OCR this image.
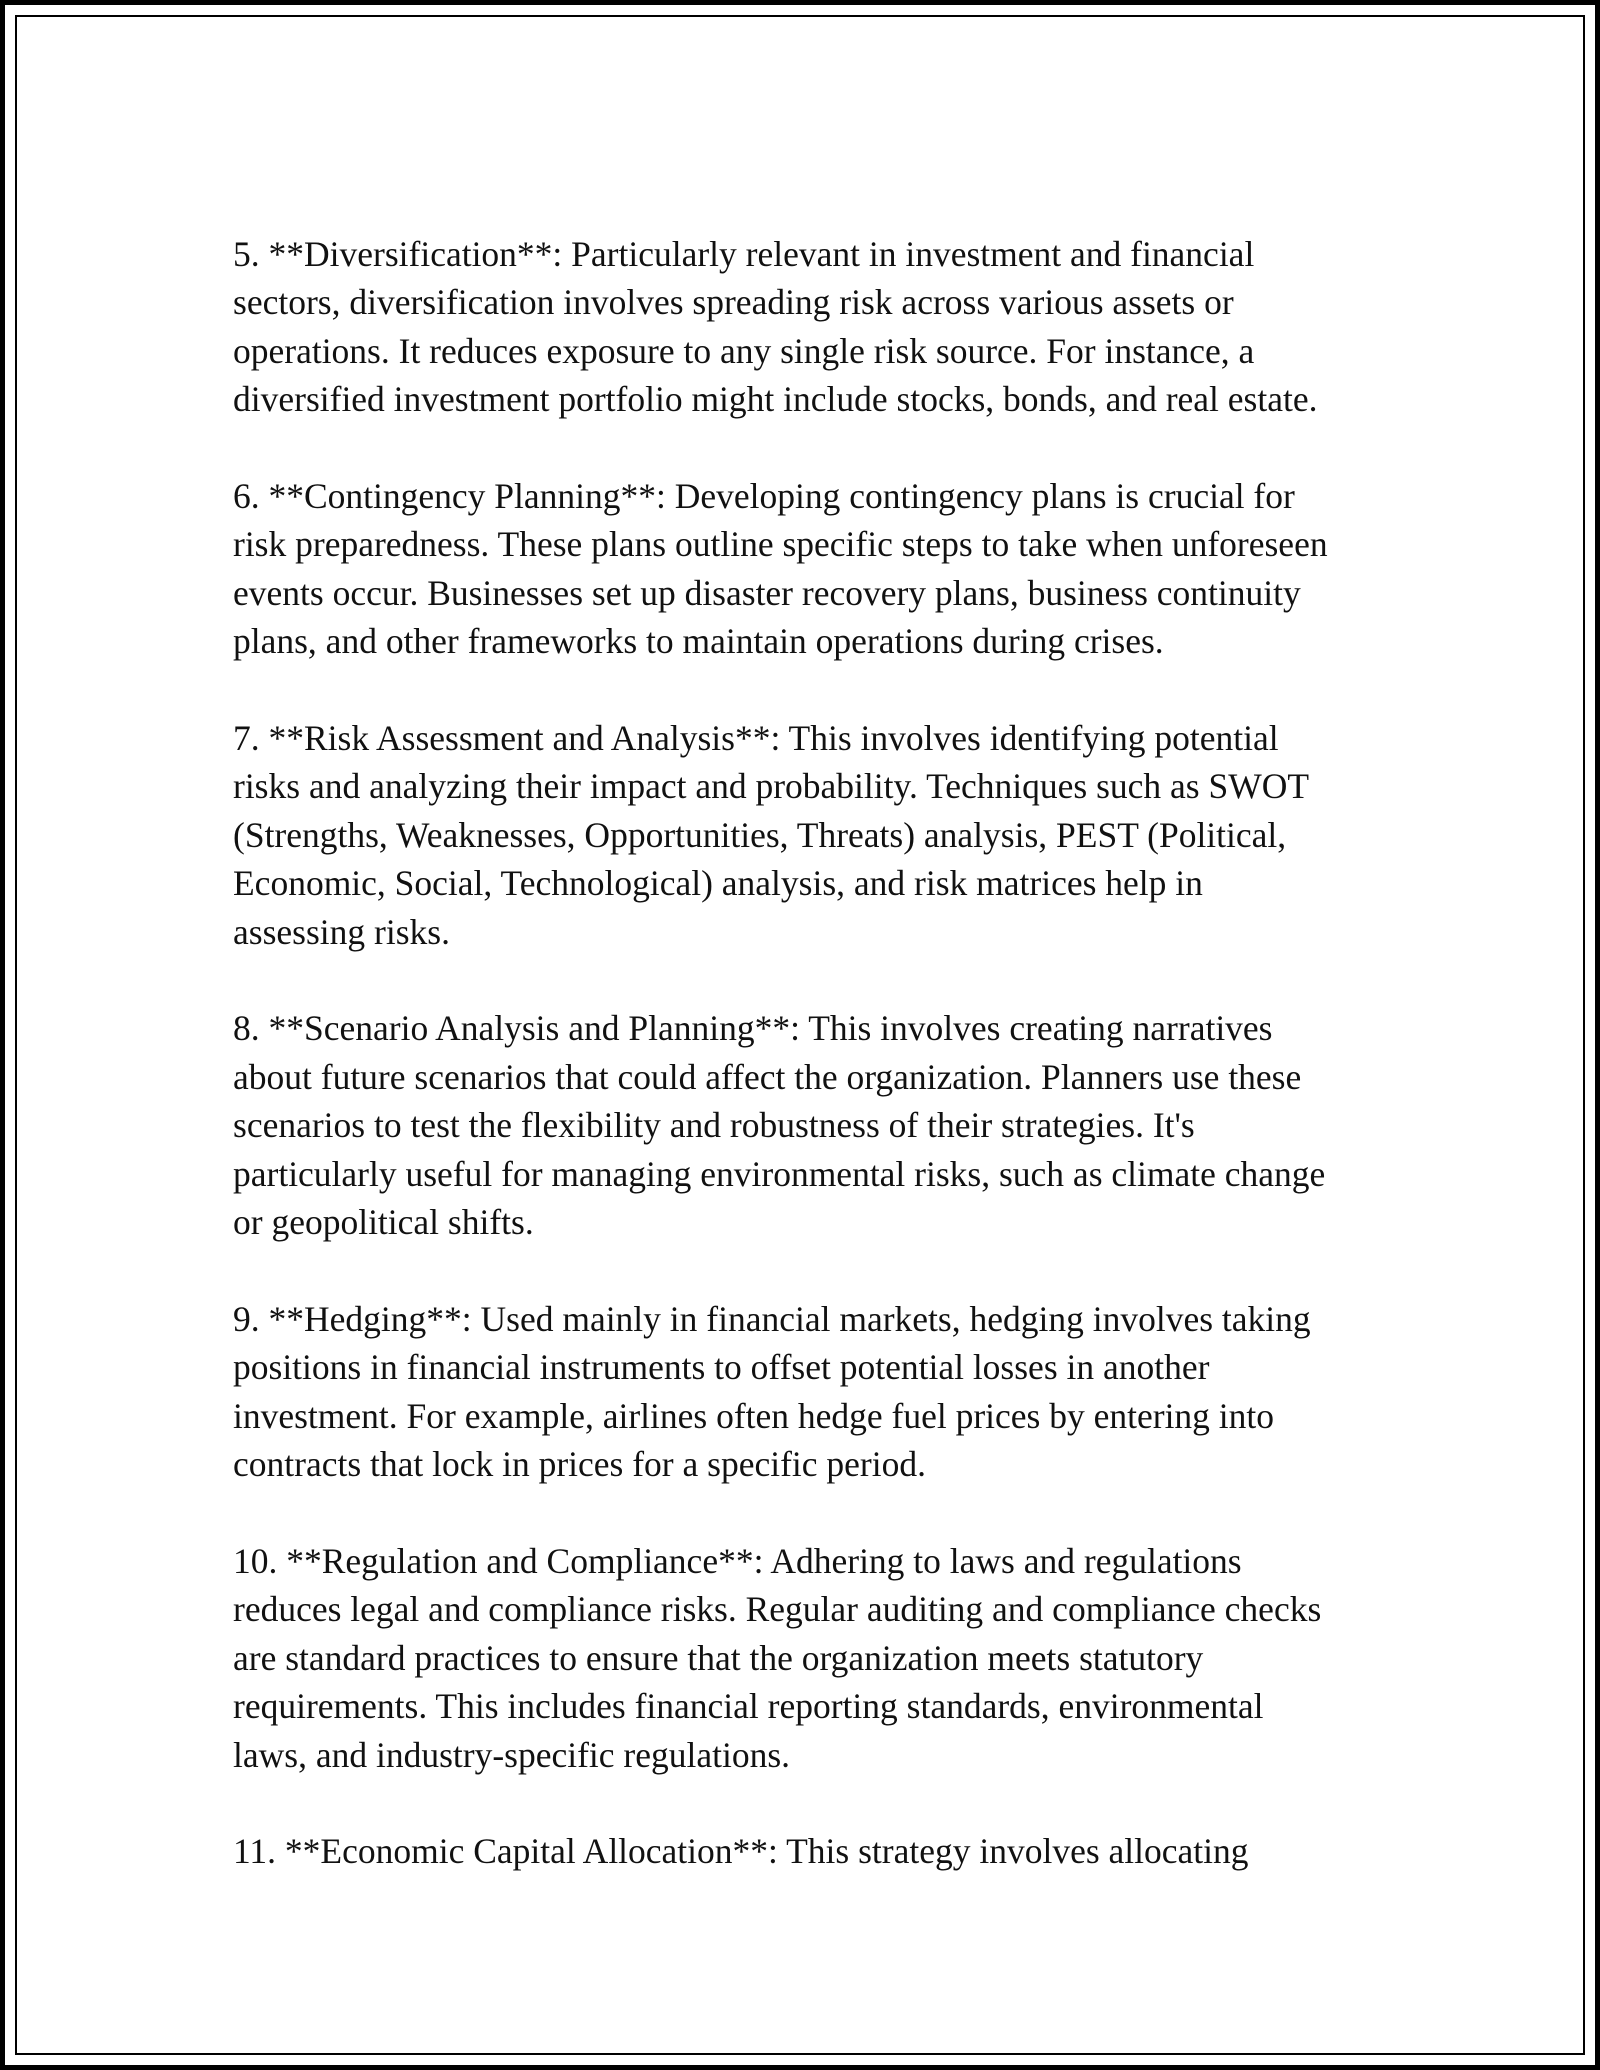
5. **Diversification**: Particularly relevant in investment and financial
sectors, diversification involves spreading risk across various assets or
operations. It reduces exposure to any single risk source. For instance, a
diversified investment portfolio might include stocks, bonds, and real estate.

6. **Contingency Planning**: Developing contingency plans is crucial for
risk preparedness. These plans outline specific steps to take when unforeseen
events occur. Businesses set up disaster recovery plans, business continuity
plans, and other frameworks to maintain operations during crises.

7. **Risk Assessment and Analysis**: This involves identifying potential
risks and analyzing their impact and probability. Techniques such as SWOT
(Strengths, Weaknesses, Opportunities, Threats) analysis, PEST (Political,
Economic, Social, Technological) analysis, and risk matrices help in
assessing risks.

8. **Scenario Analysis and Planning**: This involves creating narratives
about future scenarios that could affect the organization. Planners use these
scenarios to test the flexibility and robustness of their strategies. It's
particularly useful for managing environmental risks, such as climate change
or geopolitical shifts.

9. **Hedging**: Used mainly in financial markets, hedging involves taking
positions in financial instruments to offset potential losses in another
investment. For example, airlines often hedge fuel prices by entering into
contracts that lock in prices for a specific period.

10. **Regulation and Compliance**: Adhering to laws and regulations
reduces legal and compliance risks. Regular auditing and compliance checks
are standard practices to ensure that the organization meets statutory
requirements. This includes financial reporting standards, environmental
laws, and industry-specific regulations.

11. **Economic Capital Allocation**: This strategy involves allocating
